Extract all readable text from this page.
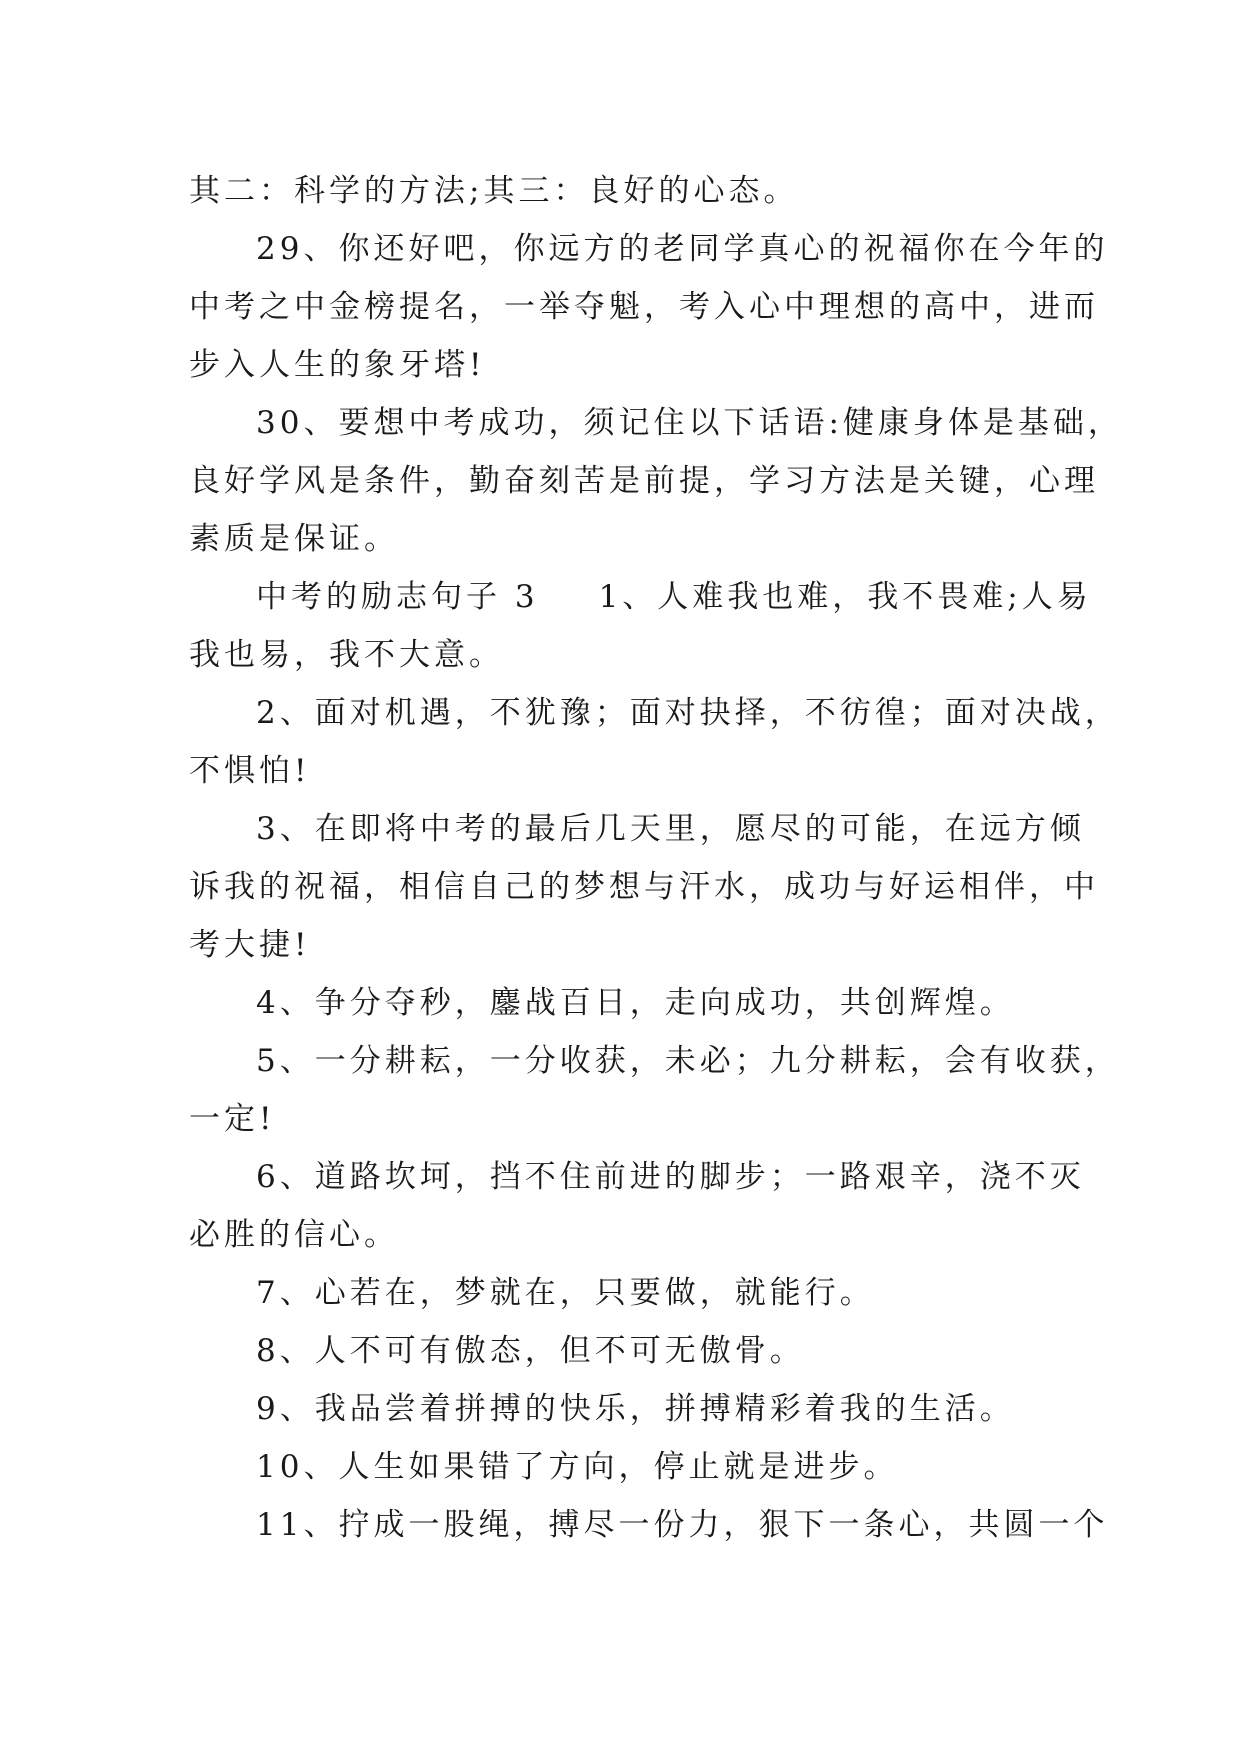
其二：科学的方法;其三：良好的心态。
29、你还好吧，你远方的老同学真心的祝福你在今年的
中考之中金榜提名，一举夺魁，考入心中理想的高中，进而
步入人生的象牙塔!
30、要想中考成功，须记住以下话语:健康身体是基础，
良好学风是条件，勤奋刻苦是前提，学习方法是关键，心理
素质是保证。
中考的励志句子 3 1、人难我也难，我不畏难;人易
我也易，我不大意。
2、面对机遇，不犹豫；面对抉择，不彷徨；面对决战，
不惧怕!
3、在即将中考的最后几天里，愿尽的可能，在远方倾
诉我的祝福，相信自己的梦想与汗水，成功与好运相伴，中
考大捷!
4、争分夺秒，鏖战百日，走向成功，共创辉煌。
5、一分耕耘，一分收获，未必；九分耕耘，会有收获，
一定!
6、道路坎坷，挡不住前进的脚步；一路艰辛，浇不灭
必胜的信心。
7、心若在，梦就在，只要做，就能行。
8、人不可有傲态，但不可无傲骨。
9、我品尝着拼搏的快乐，拼搏精彩着我的生活。
10、人生如果错了方向，停止就是进步。
11、拧成一股绳，搏尽一份力，狠下一条心，共圆一个
